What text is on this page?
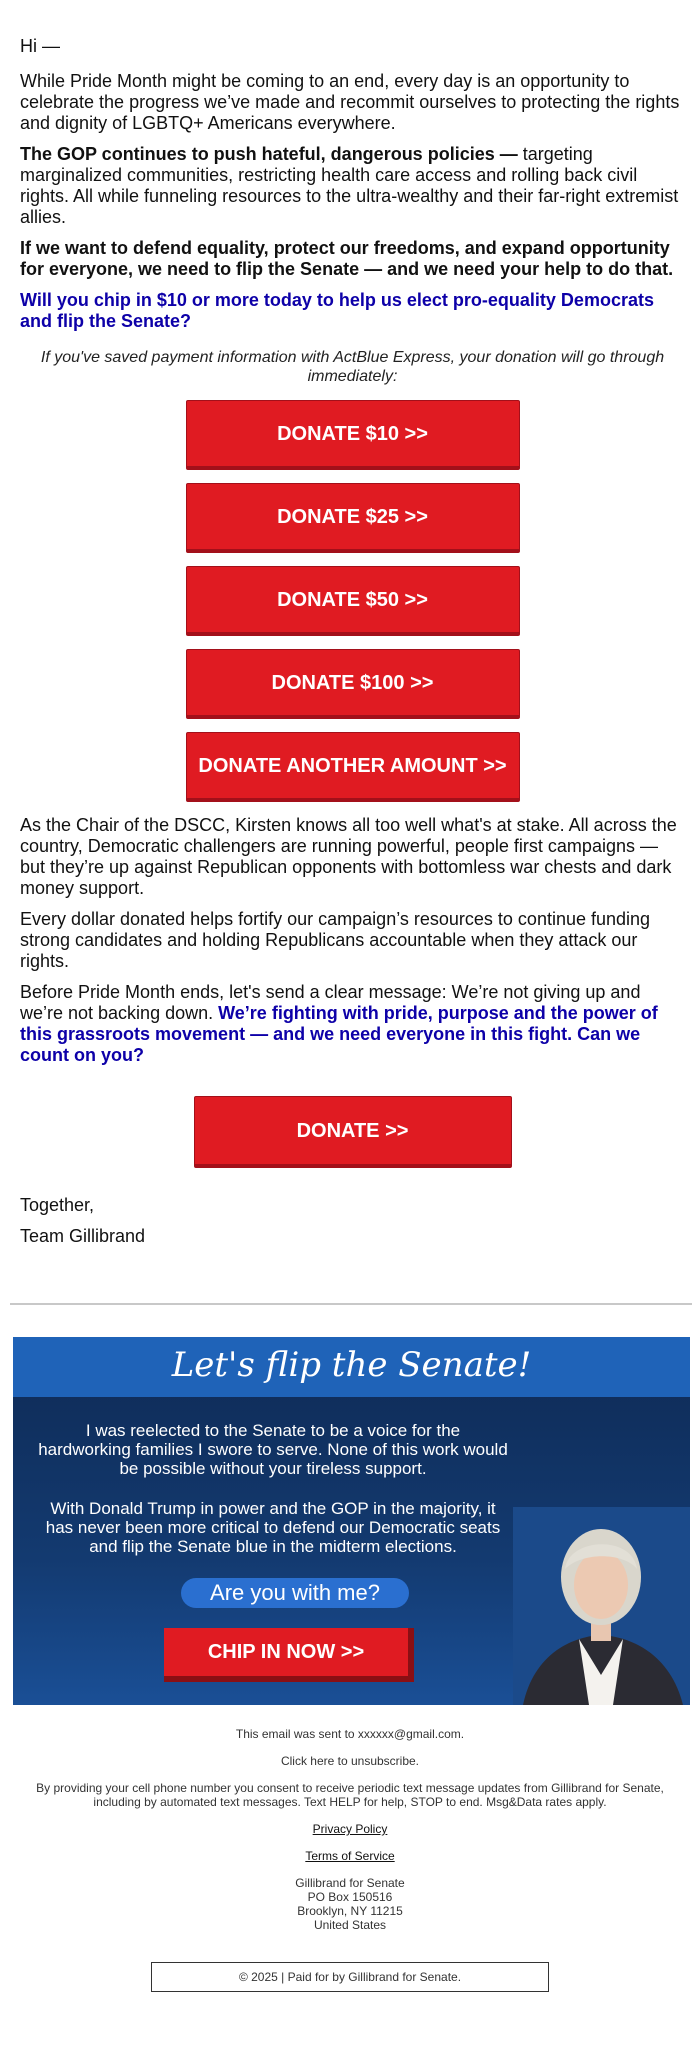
Hi —

While Pride Month might be coming to an end, every day is an opportunity to celebrate the progress we’ve made and recommit ourselves to protecting the rights and dignity of LGBTQ+ Americans everywhere.

The GOP continues to push hateful, dangerous policies — targeting marginalized communities, restricting health care access and rolling back civil rights. All while funneling resources to the ultra-wealthy and their far-right extremist allies.

If we want to defend equality, protect our freedoms, and expand opportunity for everyone, we need to flip the Senate — and we need your help to do that.

Will you chip in $10 or more today to help us elect pro-equality Democrats and flip the Senate?

If you've saved payment information with ActBlue Express, your donation will go through immediately:

DONATE $10 >>
DONATE $25 >>
DONATE $50 >>
DONATE $100 >>
DONATE ANOTHER AMOUNT >>

As the Chair of the DSCC, Kirsten knows all too well what's at stake. All across the country, Democratic challengers are running powerful, people first campaigns — but they’re up against Republican opponents with bottomless war chests and dark money support.

Every dollar donated helps fortify our campaign’s resources to continue funding strong candidates and holding Republicans accountable when they attack our rights.

Before Pride Month ends, let's send a clear message: We’re not giving up and we’re not backing down. We’re fighting with pride, purpose and the power of this grassroots movement — and we need everyone in this fight. Can we count on you?

DONATE >>

Together,

Team Gillibrand

Let's flip the Senate!
I was reelected to the Senate to be a voice for the hardworking families I swore to serve. None of this work would be possible without your tireless support.
With Donald Trump in power and the GOP in the majority, it has never been more critical to defend our Democratic seats and flip the Senate blue in the midterm elections.
Are you with me?
CHIP IN NOW >>

This email was sent to xxxxxx@gmail.com.

Click here to unsubscribe.

By providing your cell phone number you consent to receive periodic text message updates from Gillibrand for Senate, including by automated text messages. Text HELP for help, STOP to end. Msg&Data rates apply.

Privacy Policy

Terms of Service

Gillibrand for Senate
PO Box 150516
Brooklyn, NY 11215
United States
© 2025 | Paid for by Gillibrand for Senate.
